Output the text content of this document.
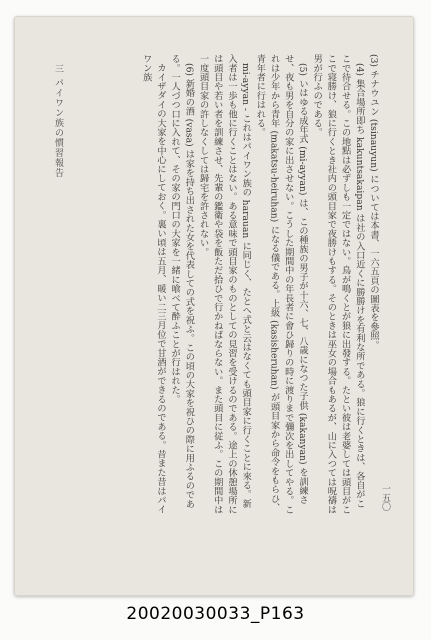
(3) チナウユン (tsinauyun) については本書、一六五頁の圖表を參照。

(4) 集合場所即ち kakuntsakaipan は社の入口近くに勝勝けを有利な所である。狼に行くときは、各自がここで待合せる。この地點は必ずしも一定ではない。鳥が鳴くとが狼に出發する。たとい彼は老婆しては頭目がここで寝勝け、狼に行くとき社内の頭目家で夜勝けもする。そのときは巫女の場合もあるが、山に入つては呪禱は男が行ふのである。

(5) いはゆる成年式 (mi-ayyan) は、この種族の男子が十六、七、八歳になつた子供 (kakanyan) を訓練させ、夜も男を自分の家に出させない。こうした期間中の年長者に會ひ歸りの時に渡りまで彌次を出してやる。これは少年から青年 (makatsu-heiruhan) になる儀である。上級 (kasisheruhan) が頭目家から命令をもらひ、青年者に行はれる。

mi-ayyan - これはパイワン族の harauan に同じく、たとへ式と云はなくても頭目家に行くことに來る。新入者は一歩も他に行くことはない。ある意味で頭目家のものとしての見習を受けるのである。途上の休憩場所には頭目や若い者を訓練させ、先輩の鑑衛や袋を飯ただ拾ひで行かねばならない。また頭目に従ふ。この期間中は一度頭目家の許しなくしては歸宅を許されない。

(6) 新婚の酒 (vasa) は家を持ち出された女を代表しての式を祝ふ。この頃の大家を祝ひの際に用ふるのである。一人づつ口に入れて、その家の門口の大家を一緒に喰べて酔ふことが行はれた。

カイザダイの大家を中心にしておく。裏い頃は五月、暖い二三月位で甘酒ができるのである。昔また昔はパイワン族

三 パイワン族の慣習報告
一五〇
20020030033_P163
